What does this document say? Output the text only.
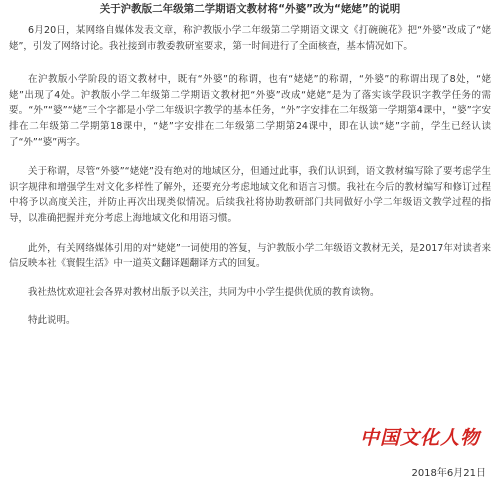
关于沪教版二年级第二学期语文教材将“外婆”改为“姥姥”的说明

6月20日，某网络自媒体发表文章，称沪教版小学二年级第二学期语文课文《打碗碗花》把“外婆”改成了“姥姥”，引发了网络讨论。我社接到市教委教研室要求，第一时间进行了全面核查，基本情况如下。

在沪教版小学阶段的语文教材中，既有“外婆”的称谓，也有“姥姥”的称谓，“外婆”的称谓出现了8处，“姥姥”出现了4处。沪教版小学二年级第二学期语文教材把“外婆”改成“姥姥”是为了落实该学段识字教学任务的需要。“外”“婆”“姥”三个字都是小学二年级识字教学的基本任务，“外”字安排在二年级第一学期第4课中，“婆”字安排在二年级第二学期第18课中，“姥”字安排在二年级第二学期第24课中，即在认读“姥”字前，学生已经认读了“外”“婆”两字。

关于称谓，尽管“外婆”“姥姥”没有绝对的地域区分，但通过此事，我们认识到，语文教材编写除了要考虑学生识字规律和增强学生对文化多样性了解外，还要充分考虑地域文化和语言习惯。我社在今后的教材编写和修订过程中将予以高度关注，并防止再次出现类似情况。后续我社将协助教研部门共同做好小学二年级语文教学过程的指导，以准确把握并充分考虑上海地域文化和用语习惯。

此外，有关网络媒体引用的对“姥姥”一词使用的答复，与沪教版小学二年级语文教材无关，是2017年对读者来信反映本社《寰假生活》中一道英文翻译题翻译方式的回复。

我社热忱欢迎社会各界对教材出版予以关注，共同为中小学生提供优质的教育读物。

特此说明。

中国文化人物
2018年6月21日
